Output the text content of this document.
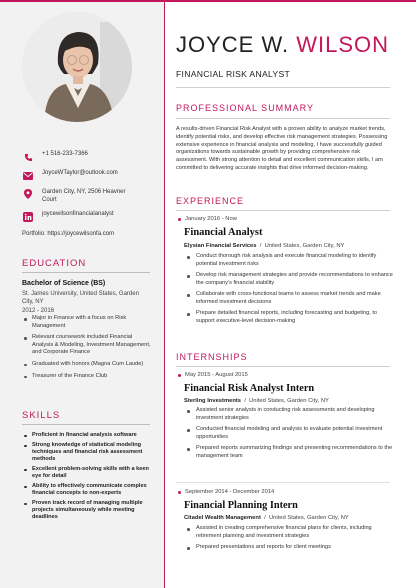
+1 516-233-7366
JoyceWTaylor@outlook.com
Garden City, NY, 2506 Heavner Court
joycewilsonfinancialanalyst
Portfolio: https://joycewilsonfa.com
EDUCATION
Bachelor of Science (BS)
St. James University, United States, Garden City, NY
2012 - 2016
Major in Finance with a focus on Risk Management
Relevant coursework included Financial Analysis & Modeling, Investment Management, and Corporate Finance
Graduated with honors (Magna Cum Laude)
Treasurer of the Finance Club
SKILLS
Proficient in financial analysis software
Strong knowledge of statistical modeling techniques and financial risk assessment methods
Excellent problem-solving skills with a keen eye for detail
Ability to effectively communicate complex financial concepts to non-experts
Proven track record of managing multiple projects simultaneously while meeting deadlines
JOYCE W. WILSON
FINANCIAL RISK ANALYST
PROFESSIONAL SUMMARY

A results-driven Financial Risk Analyst with a proven ability to analyze market trends, identify potential risks, and develop effective risk management strategies. Possessing extensive experience in financial analysis and modeling, I have successfully guided organizations towards sustainable growth by providing comprehensive risk assessment. With strong attention to detail and excellent communication skills, I am committed to delivering accurate insights that drive informed decision-making.

EXPERIENCE
January 2016 - Now
Financial Analyst
Elysian Financial Services  /  United States, Garden City, NY
Conduct thorough risk analysis and execute financial modeling to identify potential investment risks
Develop risk management strategies and provide recommendations to enhance the company's financial stability
Collaborate with cross-functional teams to assess market trends and make informed investment decisions
Prepare detailed financial reports, including forecasting and budgeting, to support executive-level decision-making
INTERNSHIPS
May 2015 - August 2015
Financial Risk Analyst Intern
Sterling Investments  /  United States, Garden City, NY
Assisted senior analysts in conducting risk assessments and developing investment strategies
Conducted financial modeling and analysis to evaluate potential investment opportunities
Prepared reports summarizing findings and presenting recommendations to the management team
September 2014 - December 2014
Financial Planning Intern
Citadel Wealth Management  /  United States, Garden City, NY
Assisted in creating comprehensive financial plans for clients, including retirement planning and investment strategies
Prepared presentations and reports for client meetings
